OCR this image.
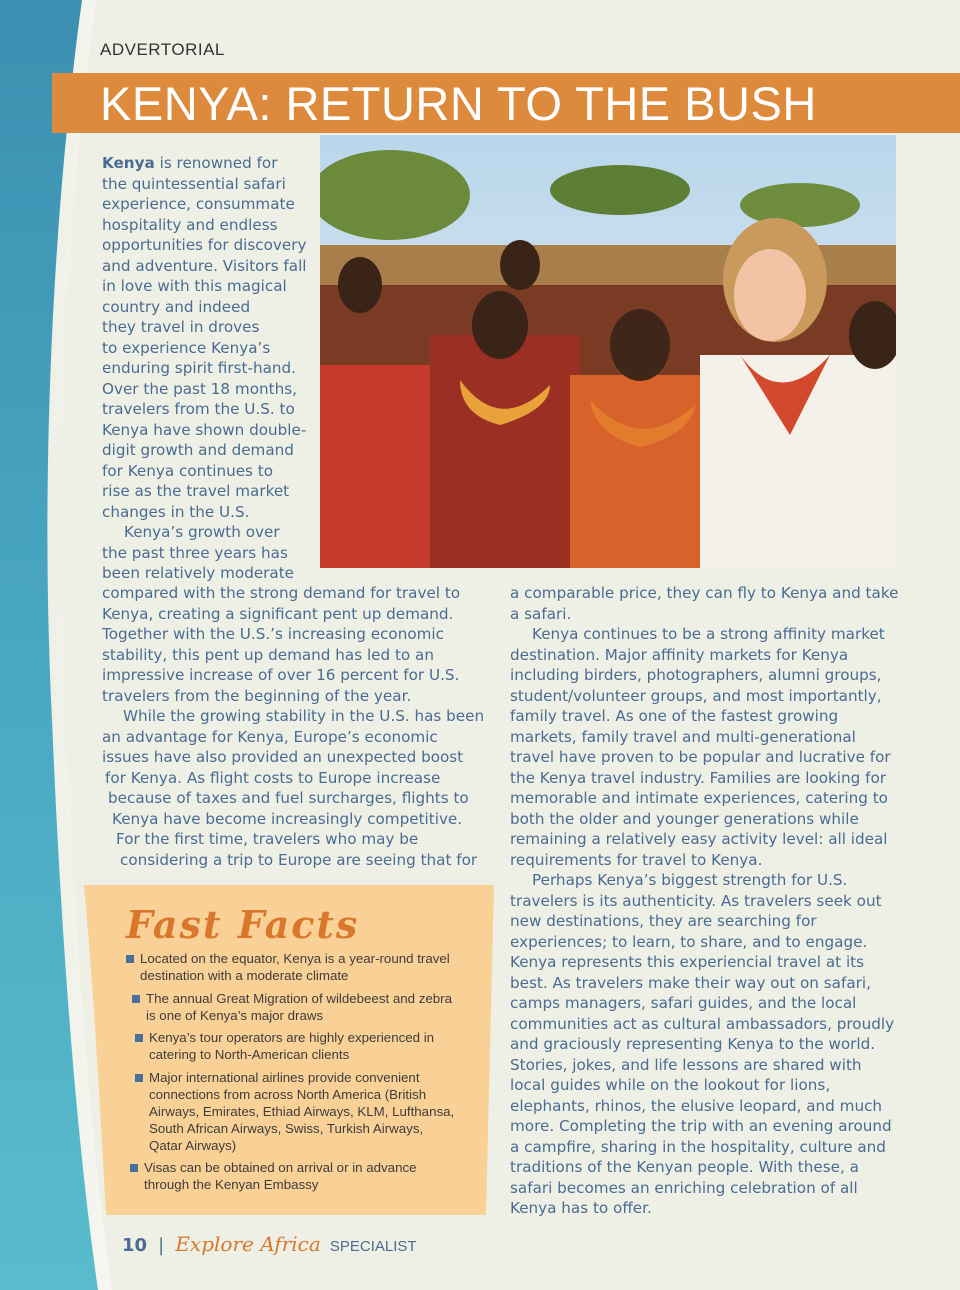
ADVERTORIAL
KENYA: RETURN TO THE BUSH

Kenya is renowned for
the quintessential safari
experience, consummate
hospitality and endless
opportunities for discovery
and adventure. Visitors fall
in love with this magical
country and indeed
they travel in droves
to experience Kenya’s
enduring spirit first-hand.
Over the past 18 months,
travelers from the U.S. to
Kenya have shown double-
digit growth and demand
for Kenya continues to
rise as the travel market
changes in the U.S.

Kenya’s growth over
the past three years has
been relatively moderate

compared with the strong demand for travel to
Kenya, creating a significant pent up demand.
Together with the U.S.’s increasing economic
stability, this pent up demand has led to an
impressive increase of over 16 percent for U.S.
travelers from the beginning of the year.
While the growing stability in the U.S. has been
an advantage for Kenya, Europe’s economic
issues have also provided an unexpected boost
for Kenya. As flight costs to Europe increase
because of taxes and fuel surcharges, flights to
Kenya have become increasingly competitive.
For the first time, travelers who may be
considering a trip to Europe are seeing that for

a comparable price, they can fly to Kenya and take a safari.

Kenya continues to be a strong affinity market destination. Major affinity markets for Kenya including birders, photographers, alumni groups, student/volunteer groups, and most importantly, family travel. As one of the fastest growing markets, family travel and multi-generational travel have proven to be popular and lucrative for the Kenya travel industry. Families are looking for memorable and intimate experiences, catering to both the older and younger generations while remaining a relatively easy activity level: all ideal requirements for travel to Kenya.

Perhaps Kenya’s biggest strength for U.S. travelers is its authenticity. As travelers seek out new destinations, they are searching for experiences; to learn, to share, and to engage. Kenya represents this experiencial travel at its best. As travelers make their way out on safari, camps managers, safari guides, and the local communities act as cultural ambassadors, proudly and graciously representing Kenya to the world. Stories, jokes, and life lessons are shared with local guides while on the lookout for lions, elephants, rhinos, the elusive leopard, and much more. Completing the trip with an evening around a campfire, sharing in the hospitality, culture and traditions of the Kenyan people. With these, a safari becomes an enriching celebration of all Kenya has to offer.

Fast Facts
Located on the equator, Kenya is a year-round travel destination with a moderate climate
The annual Great Migration of wildebeest and zebra is one of Kenya’s major draws
Kenya’s tour operators are highly experienced in catering to North-American clients
Major international airlines provide convenient connections from across North America (British Airways, Emirates, Ethiad Airways, KLM, Lufthansa, South African Airways, Swiss, Turkish Airways, Qatar Airways)
Visas can be obtained on arrival or in advance through the Kenyan Embassy
10 | Explore Africa SPECIALIST
